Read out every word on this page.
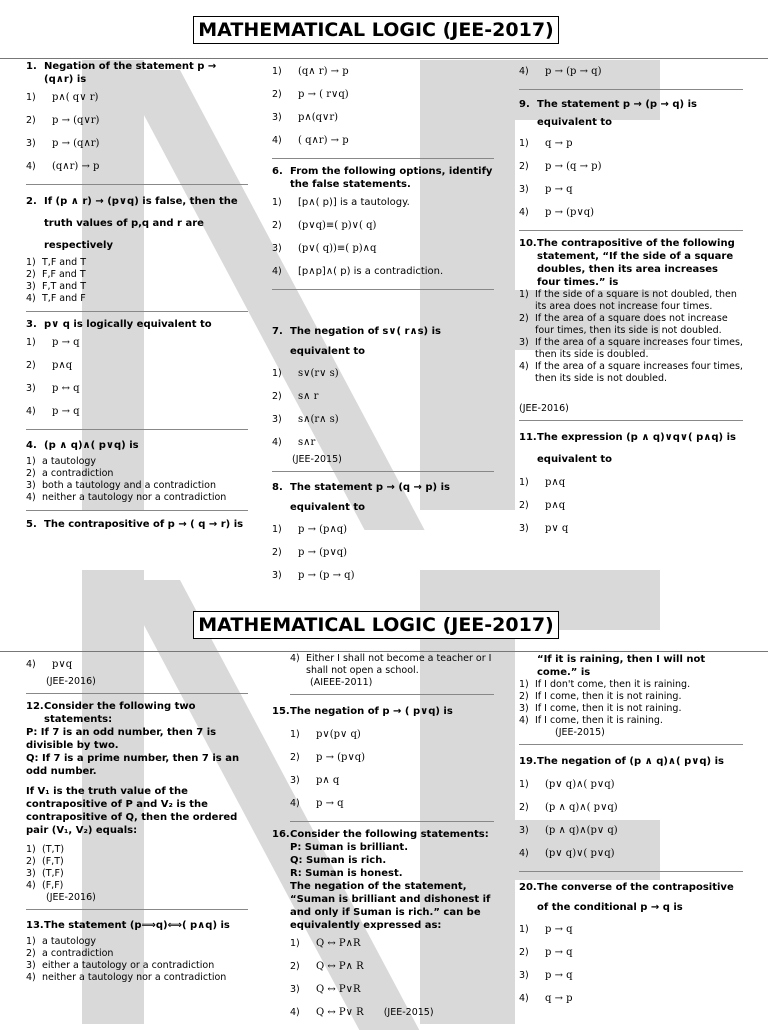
MATHEMATICAL LOGIC (JEE-2017)
1. Negation of the statement p → (q∧r) is
1)	p∧( q∨ r)
2)	p → (q∨r)
3)	p → (q∧r)
4)	(q∧r) → p
2. If (p ∧ r) → (p∨q) is false, then the truth values of p,q and r are respectively
1) T,F and T
2) F,F and T
3) F,T and T
4) T,F and F
3. p∨ q is logically equivalent to
1)	p → q
2)	p∧q
3)	p ↔ q
4)	p → q
4. (p ∧ q)∧( p∨q) is
1) a tautology
2) a contradiction
3) both a tautology and a contradiction
4) neither a tautology nor a contradiction
5. The contrapositive of p → ( q → r) is
1)	(q∧ r) → p
2)	p → ( r∨q)
3)	p∧(q∨r)
4)	( q∧r) → p
6. From the following options, identify the false statements.
1)	[p∧( p)] is a tautology.
2)	(p∨q)≡( p)∨( q)
3)	(p∨( q))≡( p)∧q
4)	[p∧p]∧( p) is a contradiction.
7. The negation of s∨( r∧s) is equivalent to
1)	s∨(r∨ s)
2)	s∧ r
3)	s∧(r∧ s)
4)	s∧r
(JEE-2015)
8. The statement p → (q → p) is equivalent to
1)	p → (p∧q)
2)	p → (p∨q)
3)	p → (p → q)
4)	p → (p → q)
9. The statement p → (p → q) is equivalent to
1)	q → p
2)	p → (q → p)
3)	p → q
4)	p → (p∨q)
10. The contrapositive of the following statement, “If the side of a square doubles, then its area increases four times.” is
1) If the side of a square is not doubled, then its area does not increase four times.
2) If the area of a square does not increase four times, then its side is not doubled.
3) If the area of a square increases four times, then its side is doubled.
4) If the area of a square increases four times, then its side is not doubled.
(JEE-2016)
11. The expression (p ∧ q)∨q∨( p∧q) is equivalent to
1)	p∧q
2)	p∧q
3)	p∨ q
MATHEMATICAL LOGIC (JEE-2017)
4)	p∨q
(JEE-2016)
12. Consider the following two statements:
P: If 7 is an odd number, then 7 is divisible by two.
Q: If 7 is a prime number, then 7 is an odd number.
If V₁ is the truth value of the contrapositive of P and V₂ is the contrapositive of Q, then the ordered pair (V₁, V₂) equals:
1) (T,T)
2) (F,T)
3) (T,F)
4) (F,F)
(JEE-2016)
13. The statement (p⟹q)⟺( p∧q) is
1) a tautology
2) a contradiction
3) either a tautology or a contradiction
4) neither a tautology nor a contradiction
4) Either I shall not become a teacher or I shall not open a school.
(AIEEE-2011)
15. The negation of p → ( p∨q) is
1)	p∨(p∨ q)
2)	p → (p∨q)
3)	p∧ q
4)	p → q
16. Consider the following statements:
P: Suman is brilliant.
Q: Suman is rich.
R: Suman is honest.
The negation of the statement, “Suman is brilliant and dishonest if and only if Suman is rich.” can be equivalently expressed as:
1)	Q ↔ P∧R
2)	Q ↔ P∧ R
3)	Q ↔ P∨R
4)	Q ↔ P∨ R (JEE-2015)
“If it is raining, then I will not come.” is
1) If I don't come, then it is raining.
2) If I come, then it is not raining.
3) If I come, then it is not raining.
4) If I come, then it is raining.
(JEE-2015)
19. The negation of (p ∧ q)∧( p∨q) is
1)	(p∨ q)∧( p∨q)
2)	(p ∧ q)∧( p∨q)
3)	(p ∧ q)∧(p∨ q)
4)	(p∨ q)∨( p∨q)
20. The converse of the contrapositive of the conditional p → q is
1)	p → q
2)	p → q
3)	p → q
4)	q → p
